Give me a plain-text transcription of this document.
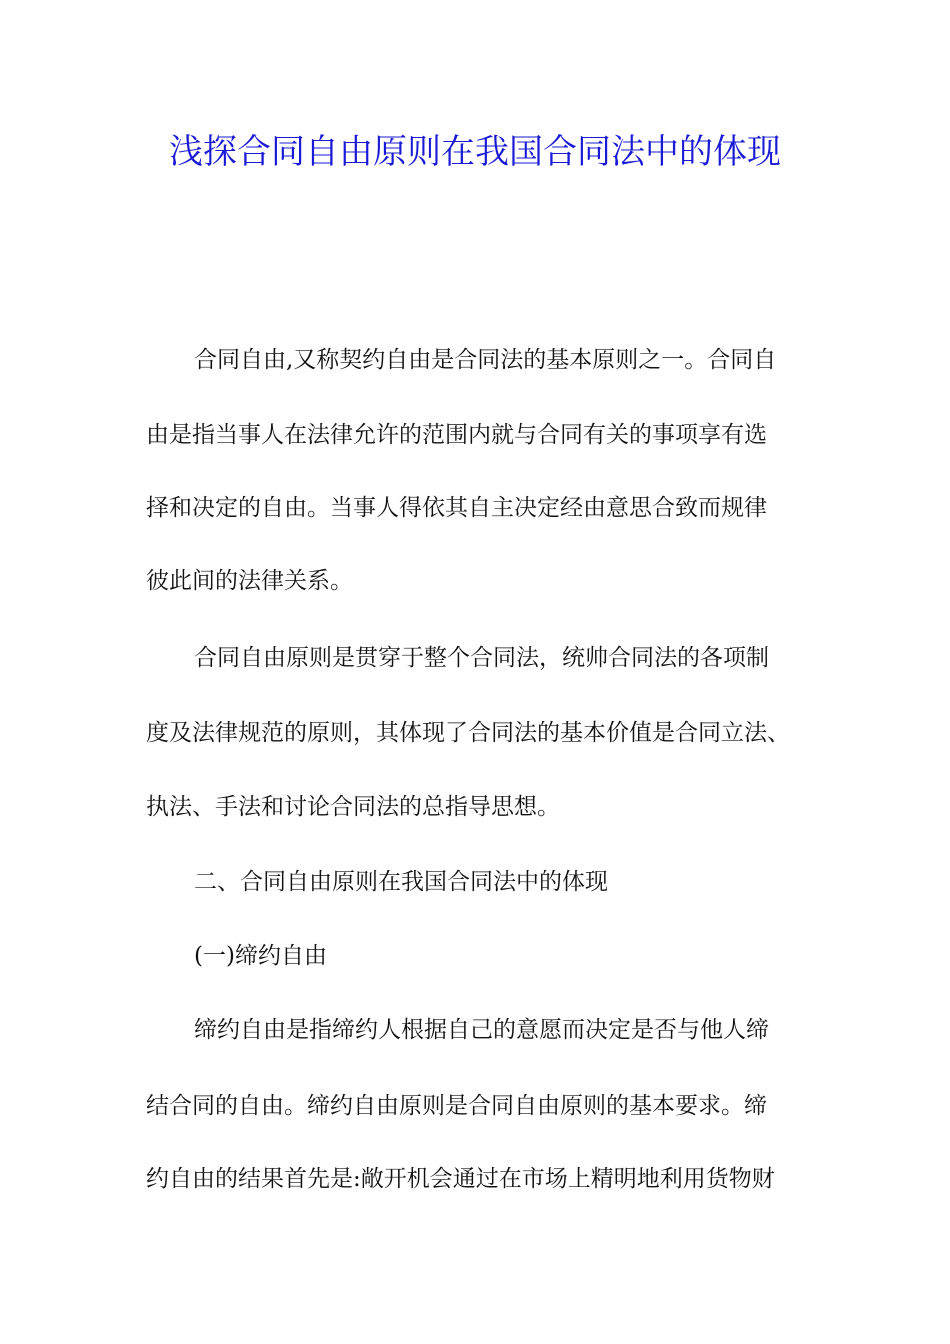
浅探合同自由原则在我国合同法中的体现
合同自由,又称契约自由是合同法的基本原则之一。合同自
由是指当事人在法律允许的范围内就与合同有关的事项享有选
择和决定的自由。当事人得依其自主决定经由意思合致而规律
彼此间的法律关系。
合同自由原则是贯穿于整个合同法，统帅合同法的各项制
度及法律规范的原则，其体现了合同法的基本价值是合同立法、
执法、手法和讨论合同法的总指导思想。
二、合同自由原则在我国合同法中的体现
(一)缔约自由
缔约自由是指缔约人根据自己的意愿而决定是否与他人缔
结合同的自由。缔约自由原则是合同自由原则的基本要求。缔
约自由的结果首先是:敞开机会通过在市场上精明地利用货物财
